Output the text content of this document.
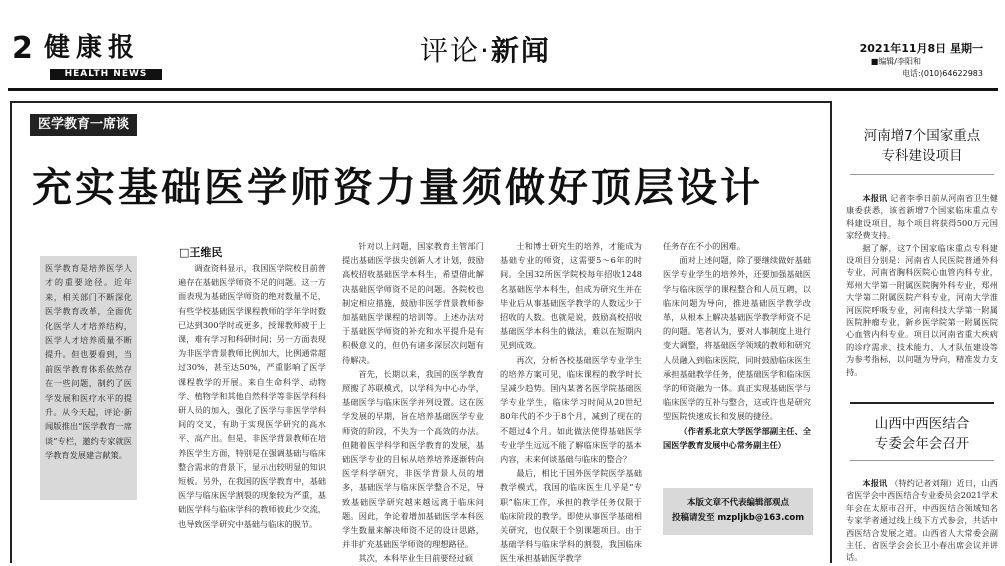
2 健康报
HEALTH NEWS
评论·新闻	2021年11月8日 星期一
■编辑/李阳和
电话:(010)64622983
医学教育一席谈
充实基础医学师资力量须做好顶层设计
□王维民
医学教育是培养医学人才的重要途径。近年来，相关部门不断深化医学教育改革，全面优化医学人才培养结构，医学人才培养质量不断提升。但也要看到，当前医学教育体系依然存在一些问题，制约了医学发展和医疗水平的提升。从今天起，评论·新闻版推出“医学教育一席谈”专栏，邀约专家就医学教育发展建言献策。

调查资料显示，我国医学院校目前普遍存在基础医学师资不足的问题。这一方面表现为基础医学师资的绝对数量不足，有些学校基础医学课程教师的学年学时数已达到300学时或更多，授课教师疲于上课，难有学习和科研时间；另一方面表现为非医学背景教师比例加大，比例通常超过30%，甚至达50%，严重影响了医学课程教学的开展。来自生命科学、动物学、植物学和其他自然科学等非医学科科研人员的加入，强化了医学与非医学学科间的交叉，有助于实现医学研究的高水平、高产出。但是，非医学背景教师在培养医学生方面，特别是在强调基础与临床整合需求的背景下，显示出较明显的知识短板。另外，在我国的医学教育中，基础医学与临床医学割裂的现象较为严重，基础医学科与临床学科的教师彼此少交流，也导致医学研究中基础与临床的脱节。

针对以上问题，国家教育主管部门提出基础医学拔尖创新人才计划，鼓励高校招收基础医学本科生，希望借此解决基础医学师资不足的问题。各院校也制定相应措施，鼓励非医学背景教师参加基础医学课程的培训等。上述办法对于基础医学师资的补充和水平提升是有积极意义的，但仍有诸多深层次问题有待解决。

首先，长期以来，我国的医学教育照搬了苏联模式，以学科为中心办学，基础医学与临床医学并列设置。这在医学发展的早期，旨在培养基础医学专业师资的阶段，不失为一个高效的办法。但随着医学科学和医学教育的发展，基础医学专业的目标从培养培养逐渐转向医学科学研究，非医学背景人员的增多，基础医学与临床医学整合不足，导致基础医学研究越来越远离于临床问题。因此，争论着增加基础医学本科医学生数量来解决师资不足的设计思路，并非扩充基础医学师资的理想路径。

其次，本科毕业生目前要经过硕

士和博士研究生的培养，才能成为基础专业的师资，这需要5～6年的时间。全国32所医学院校每年招收1248名基础医学本科生，但成为研究生并在毕业后从事基础医学教学的人数远少于招收的人数。也就是说，鼓励高校招收基础医学本科生的做法，难以在短期内见到成效。

再次，分析各校基础医学专业学生的培养方案可见，临床课程的教学时长呈减少趋势。国内某著名医学院基础医学专业学生，临床学习时间从20世纪80年代的不少于8个月，减到了现在的不超过4个月。如此做法使得基础医学专业学生远远不能了解临床医学的基本内容，未来何谈基础与临床的整合？

最后，相比于国外医学院医学基础教学模式，我国的临床医生几乎是“专职”临床工作，承担的教学任务仅限于临床阶段的教学。即使从事医学基础相关研究，也仅限于个别课题项目。由于基础学科与临床学科的割裂，我国临床医生承担基础医学教学

任务存在不小的困难。

面对上述问题，除了要继续做好基础医学专业学生的培养外，还要加强基础医学与临床医学的课程整合和人员互聘，以临床问题为导向，推进基础医学教学改革，从根本上解决基础医学教学师资不足的问题。笔者认为，要对人事制度上进行变大调整，将基础医学领域的教师和研究人员融入到临床医院，同时鼓励临床医生承担基础教学任务，使基础医学和临床医学的师资融为一体。真正实现基础医学与临床医学的互补与整合，这或许也是研究型医院快速成长和发展的捷径。

（作者系北京大学医学部副主任、全国医学教育发展中心常务副主任）

本版文章不代表编辑部观点
投稿请发至 mzpljkb@163.com
河南增7个国家重点
专科建设项目

本报讯 记者李季日前从河南省卫生健康委获悉，该省新增7个国家临床重点专科建设项目，每个项目将获得500万元国家经费支持。

据了解，这7个国家临床重点专科建设项目分别是：河南省人民医院普通外科专业，河南省胸科医院心血管内科专业，郑州大学第一附属医院胸外科专业，郑州大学第二附属医院产科专业，河南大学淮河医院呼吸专业，河南科技大学第一附属医院肿瘤专业，新乡医学院第一附属医院心血管内科专业。项目以河南省重大疾病的诊疗需求、技术能力、人才队伍建设等为参考指标，以问题为导向，精准发力支持。

山西中西医结合
专委会年会召开

本报讯 （特约记者刘翔）近日，山西省医学会中西医结合专业委员会2021学术年会在太原市召开，中西医结合领域知名专家学者通过线上线下方式参会，共话中西医结合发展之道。山西省人大常委会副主任、省医学会会长卫小春出席会议并讲话。
